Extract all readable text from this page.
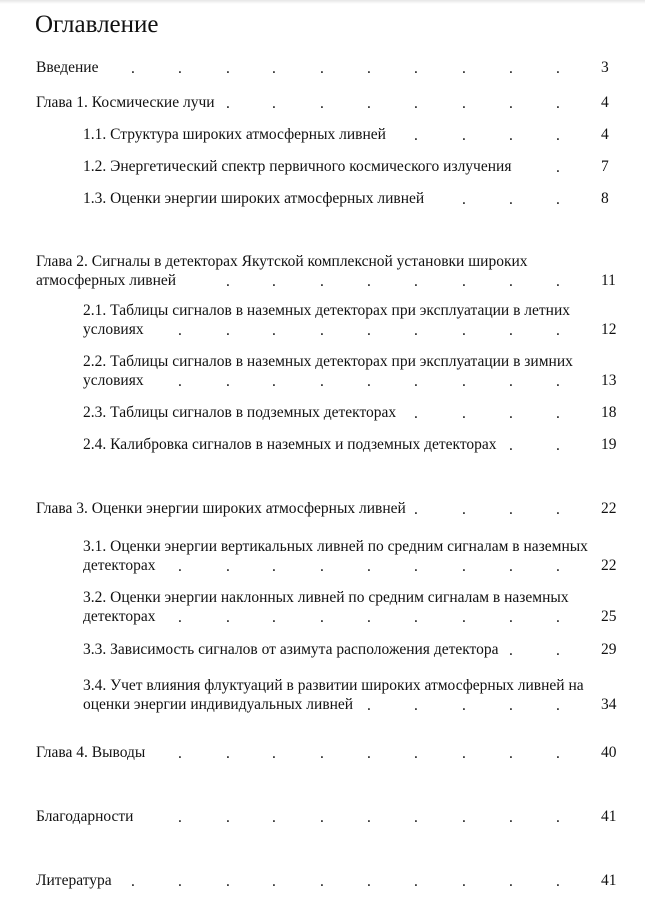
Оглавление
Введение	3
Глава 1. Космические лучи	4
1.1. Структура широких атмосферных ливней	4
1.2. Энергетический спектр первичного космического излучения	7
1.3. Оценки энергии широких атмосферных ливней	8
Глава 2. Сигналы в детекторах Якутской комплексной установки широких
атмосферных ливней	11
2.1. Таблицы сигналов в наземных детекторах при эксплуатации в летних
условиях	12
2.2. Таблицы сигналов в наземных детекторах при эксплуатации в зимних
условиях	13
2.3. Таблицы сигналов в подземных детекторах	18
2.4. Калибровка сигналов в наземных и подземных детекторах	19
Глава 3. Оценки энергии широких атмосферных ливней	22
3.1. Оценки энергии вертикальных ливней по средним сигналам в наземных
детекторах	22
3.2. Оценки энергии наклонных ливней по средним сигналам в наземных
детекторах	25
3.3. Зависимость сигналов от азимута расположения детектора	29
3.4. Учет влияния флуктуаций в развитии широких атмосферных ливней на
оценки энергии индивидуальных ливней	34
Глава 4. Выводы	40
Благодарности	41
Литература	41
.	.	.	.	.	.	.	.	.	.
.	.	.	.	.	.	.	.
.	.	.	.
.
.	.	.
.	.	.	.	.	.	.	.
.	.	.	.	.	.	.	.	.
.	.	.	.	.	.	.	.	.
.	.	.	.
.	.
.	.	.	.
.	.	.	.	.	.	.	.	.
.	.	.	.	.	.	.	.	.
.	.
.	.	.	.	.
.	.	.	.	.	.	.	.	.
.	.	.	.	.	.	.	.	.
.	.	.	.	.	.	.	.	.	.
